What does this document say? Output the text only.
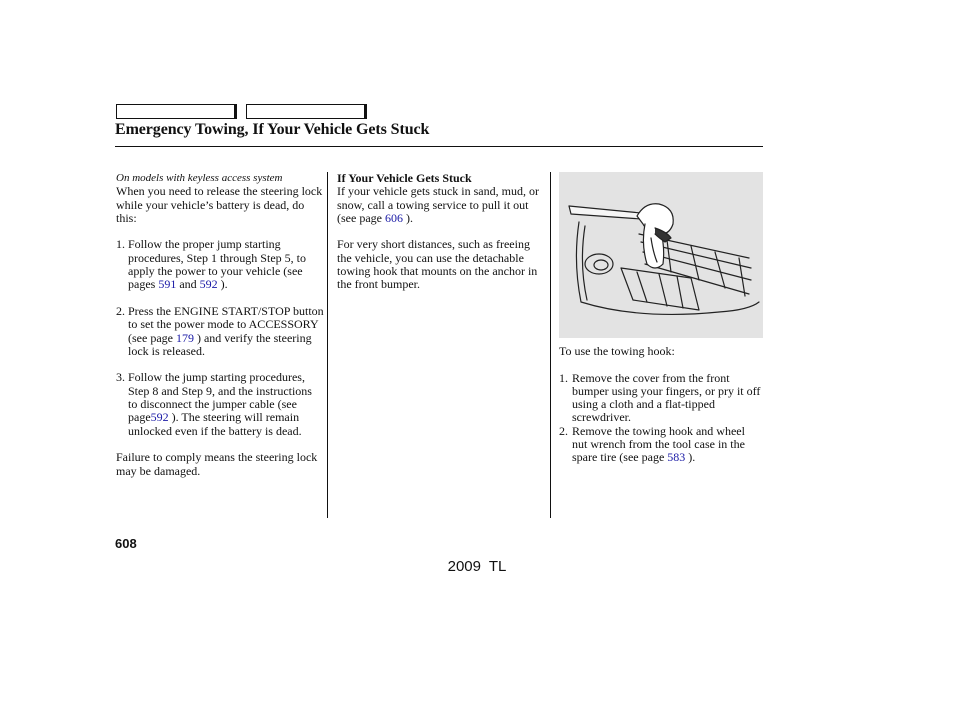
Emergency Towing, If Your Vehicle Gets Stuck

On models with keyless access system

When you need to release the steering lock while your vehicle’s battery is dead, do this:

1. Follow the proper jump starting procedures, Step 1 through Step 5, to apply the power to your vehicle (see pages 591 and 592 ).

2. Press the ENGINE START/STOP button to set the power mode to ACCESSORY (see page 179 ) and verify the steering lock is released.

3. Follow the jump starting procedures, Step 8 and Step 9, and the instructions to disconnect the jumper cable (see page592 ). The steering will remain unlocked even if the battery is dead.

Failure to comply means the steering lock may be damaged.

If Your Vehicle Gets Stuck

If your vehicle gets stuck in sand, mud, or snow, call a towing service to pull it out (see page 606 ).

For very short distances, such as freeing the vehicle, you can use the detachable towing hook that mounts on the anchor in the front bumper.

To use the towing hook:

1. Remove the cover from the front bumper using your fingers, or pry it off using a cloth and a flat-tipped screwdriver.

2. Remove the towing hook and wheel nut wrench from the tool case in the spare tire (see page 583 ).

608
2009 TL
